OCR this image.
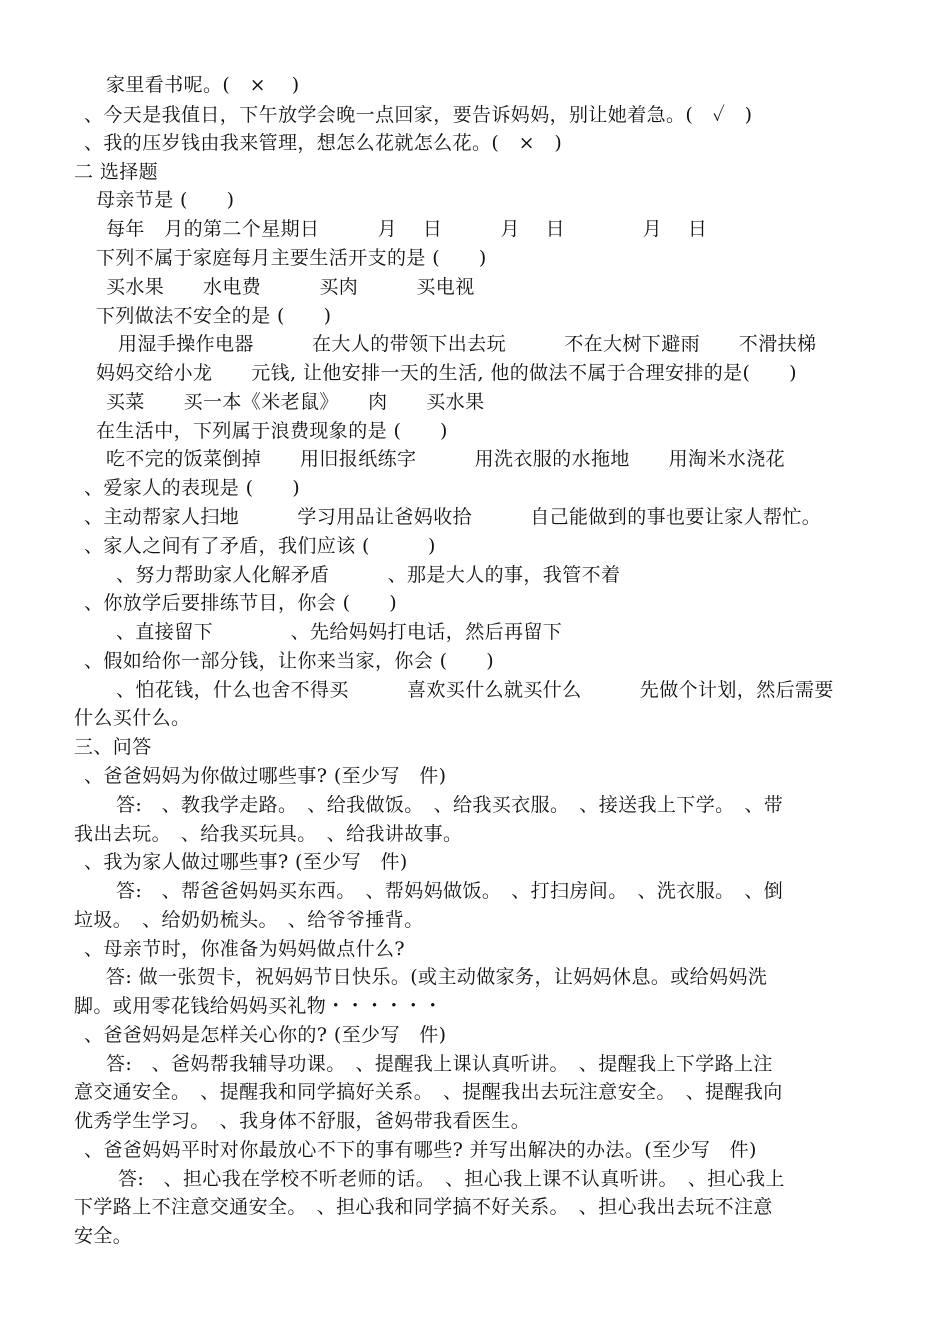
家里看书呢。(　×　 )
、今天是我值日，下午放学会晚一点回家，要告诉妈妈，别让她着急。(　✓　)
、我的压岁钱由我来管理，想怎么花就怎么花。(　×　)
二 选择题
母亲节是 (　　)
每年　月的第二个星期日　　　月　 日　　　月　 日　　　　月　 日
下列不属于家庭每月主要生活开支的是 (　　)
买水果　　水电费　　　买肉　　　买电视
下列做法不安全的是 (　　)
用湿手操作电器　　　在大人的带领下出去玩　　　不在大树下避雨　　不滑扶梯
妈妈交给小龙　　元钱, 让他安排一天的生活, 他的做法不属于合理安排的是(　　)
买菜　　买一本《米老鼠》　　肉　　买水果
在生活中，下列属于浪费现象的是 (　　)
吃不完的饭菜倒掉　　用旧报纸练字　　　用洗衣服的水拖地　　用淘米水浇花
、爱家人的表现是 (　　)
、主动帮家人扫地　　　学习用品让爸妈收拾　　　自己能做到的事也要让家人帮忙。
、家人之间有了矛盾，我们应该 (　　　)
、努力帮助家人化解矛盾　　　、那是大人的事，我管不着
、你放学后要排练节目，你会 (　　)
、直接留下　　　　、先给妈妈打电话，然后再留下
、假如给你一部分钱，让你来当家，你会 (　　)
、怕花钱，什么也舍不得买　　　喜欢买什么就买什么　　　先做个计划，然后需要
什么买什么。
三、问答
、爸爸妈妈为你做过哪些事? (至少写　件)
答:　、教我学走路。　、给我做饭。　、给我买衣服。　、接送我上下学。　、带
我出去玩。　、给我买玩具。　、给我讲故事。
、我为家人做过哪些事? (至少写　件)
答:　、帮爸爸妈妈买东西。　、帮妈妈做饭。　、打扫房间。　、洗衣服。　、倒
垃圾。　、给奶奶梳头。　、给爷爷捶背。
、母亲节时，你准备为妈妈做点什么?
答: 做一张贺卡，祝妈妈节日快乐。(或主动做家务，让妈妈休息。或给妈妈洗
脚。或用零花钱给妈妈买礼物・・・・・・
、爸爸妈妈是怎样关心你的? (至少写　件)
答:　、爸妈帮我辅导功课。　、提醒我上课认真听讲。　、提醒我上下学路上注
意交通安全。　、提醒我和同学搞好关系。　、提醒我出去玩注意安全。　、提醒我向
优秀学生学习。　、我身体不舒服，爸妈带我看医生。
、爸爸妈妈平时对你最放心不下的事有哪些? 并写出解决的办法。(至少写　件)
答:　、担心我在学校不听老师的话。　、担心我上课不认真听讲。　、担心我上
下学路上不注意交通安全。　、担心我和同学搞不好关系。　、担心我出去玩不注意
安全。
